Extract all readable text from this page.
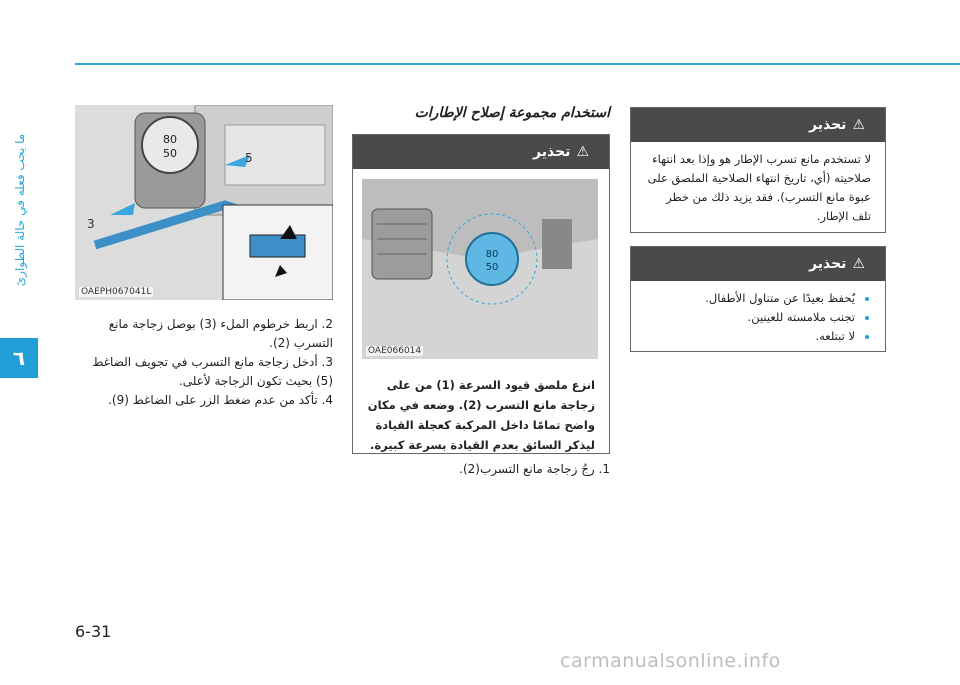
ما يجب فعله في حالة الطوارئ
٦
80
50
3
5
OAEPH067041L

2. اربط خرطوم الملء (3) بوصل زجاجة مانع التسرب (2).

3. أدخل زجاجة مانع التسرب في تجويف الضاغط (5) بحيث تكون الزجاجة لأعلى.

4. تأكد من عدم ضغط الزر على الضاغط (9).

استخدام مجموعة إصلاح الإطارات
⚠تحذير
80
50
OAE066014
انزع ملصق قيود السرعة (1) من على زجاجة مانع التسرب (2). وضعه في مكان واضح تمامًا داخل المركبة كعجلة القيادة ليذكر السائق بعدم القيادة بسرعة كبيرة.
1. رجُ زجاجة مانع التسرب(2).
⚠تحذير
لا تستخدم مانع تسرب الإطار هو وإذا بعد انتهاء صلاحيته (أي، تاريخ انتهاء الصلاحية الملصق على عبوة مانع التسرب). فقد يزيد ذلك من خطر تلف الإطار.
⚠تحذير
• يُحفظ بعيدًا عن متناول الأطفال.
• تجنب ملامسته للعينين.
• لا تبتلعه.
6-31
carmanualsonline.info
